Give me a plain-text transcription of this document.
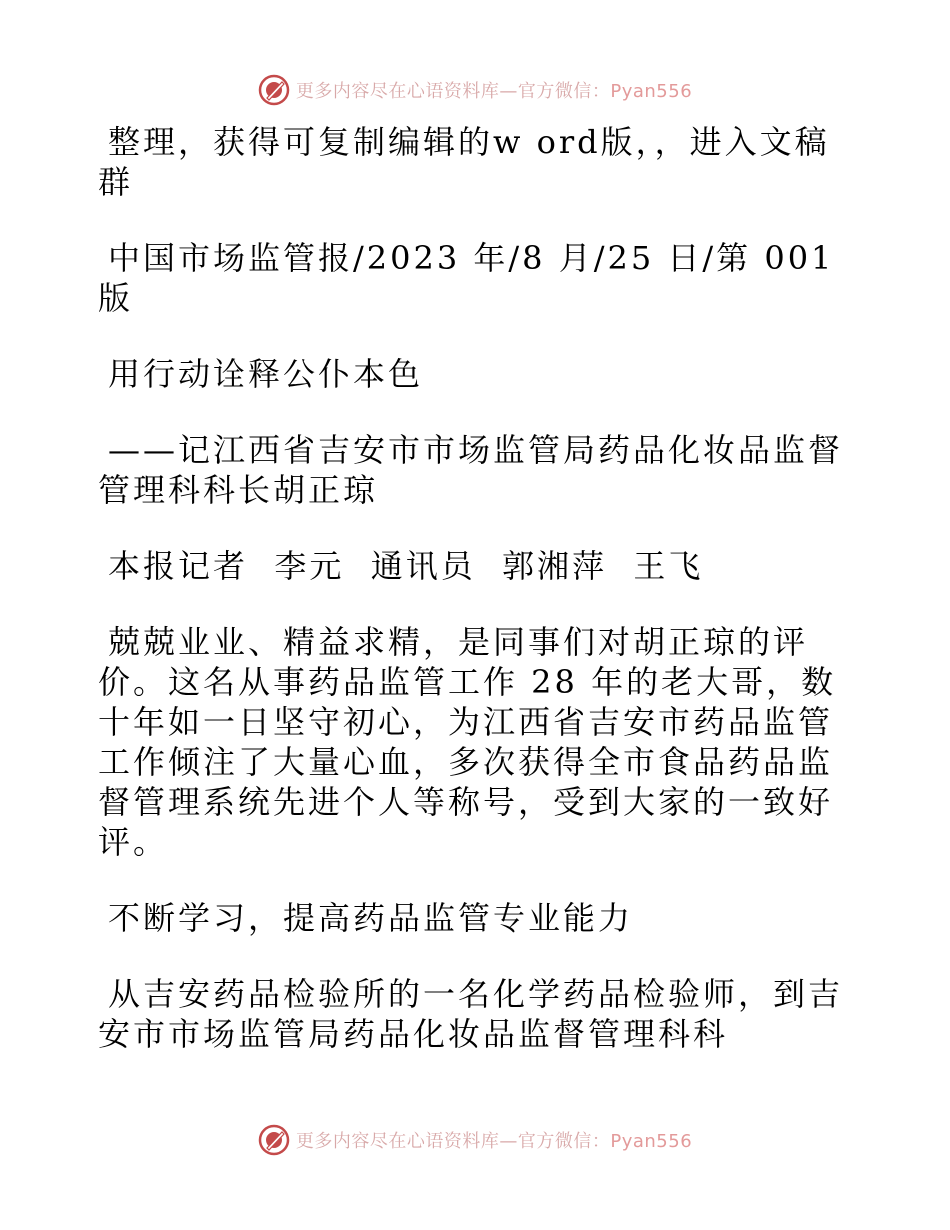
更多内容尽在心语资料库—官方微信：Pyan556

整理，获得可复制编辑的w ord版，，进入文稿群

中国市场监管报/2023 年/8 月/25 日/第 001 版

用行动诠释公仆本色

——记江西省吉安市市场监管局药品化妆品监督管理科科长胡正琼

本报记者  李元  通讯员  郭湘萍  王飞

兢兢业业、精益求精，是同事们对胡正琼的评价。这名从事药品监管工作 28 年的老大哥，数十年如一日坚守初心，为江西省吉安市药品监管工作倾注了大量心血，多次获得全市食品药品监督管理系统先进个人等称号，受到大家的一致好评。

不断学习，提高药品监管专业能力

从吉安药品检验所的一名化学药品检验师，到吉安市市场监管局药品化妆品监督管理科科

更多内容尽在心语资料库—官方微信：Pyan556
